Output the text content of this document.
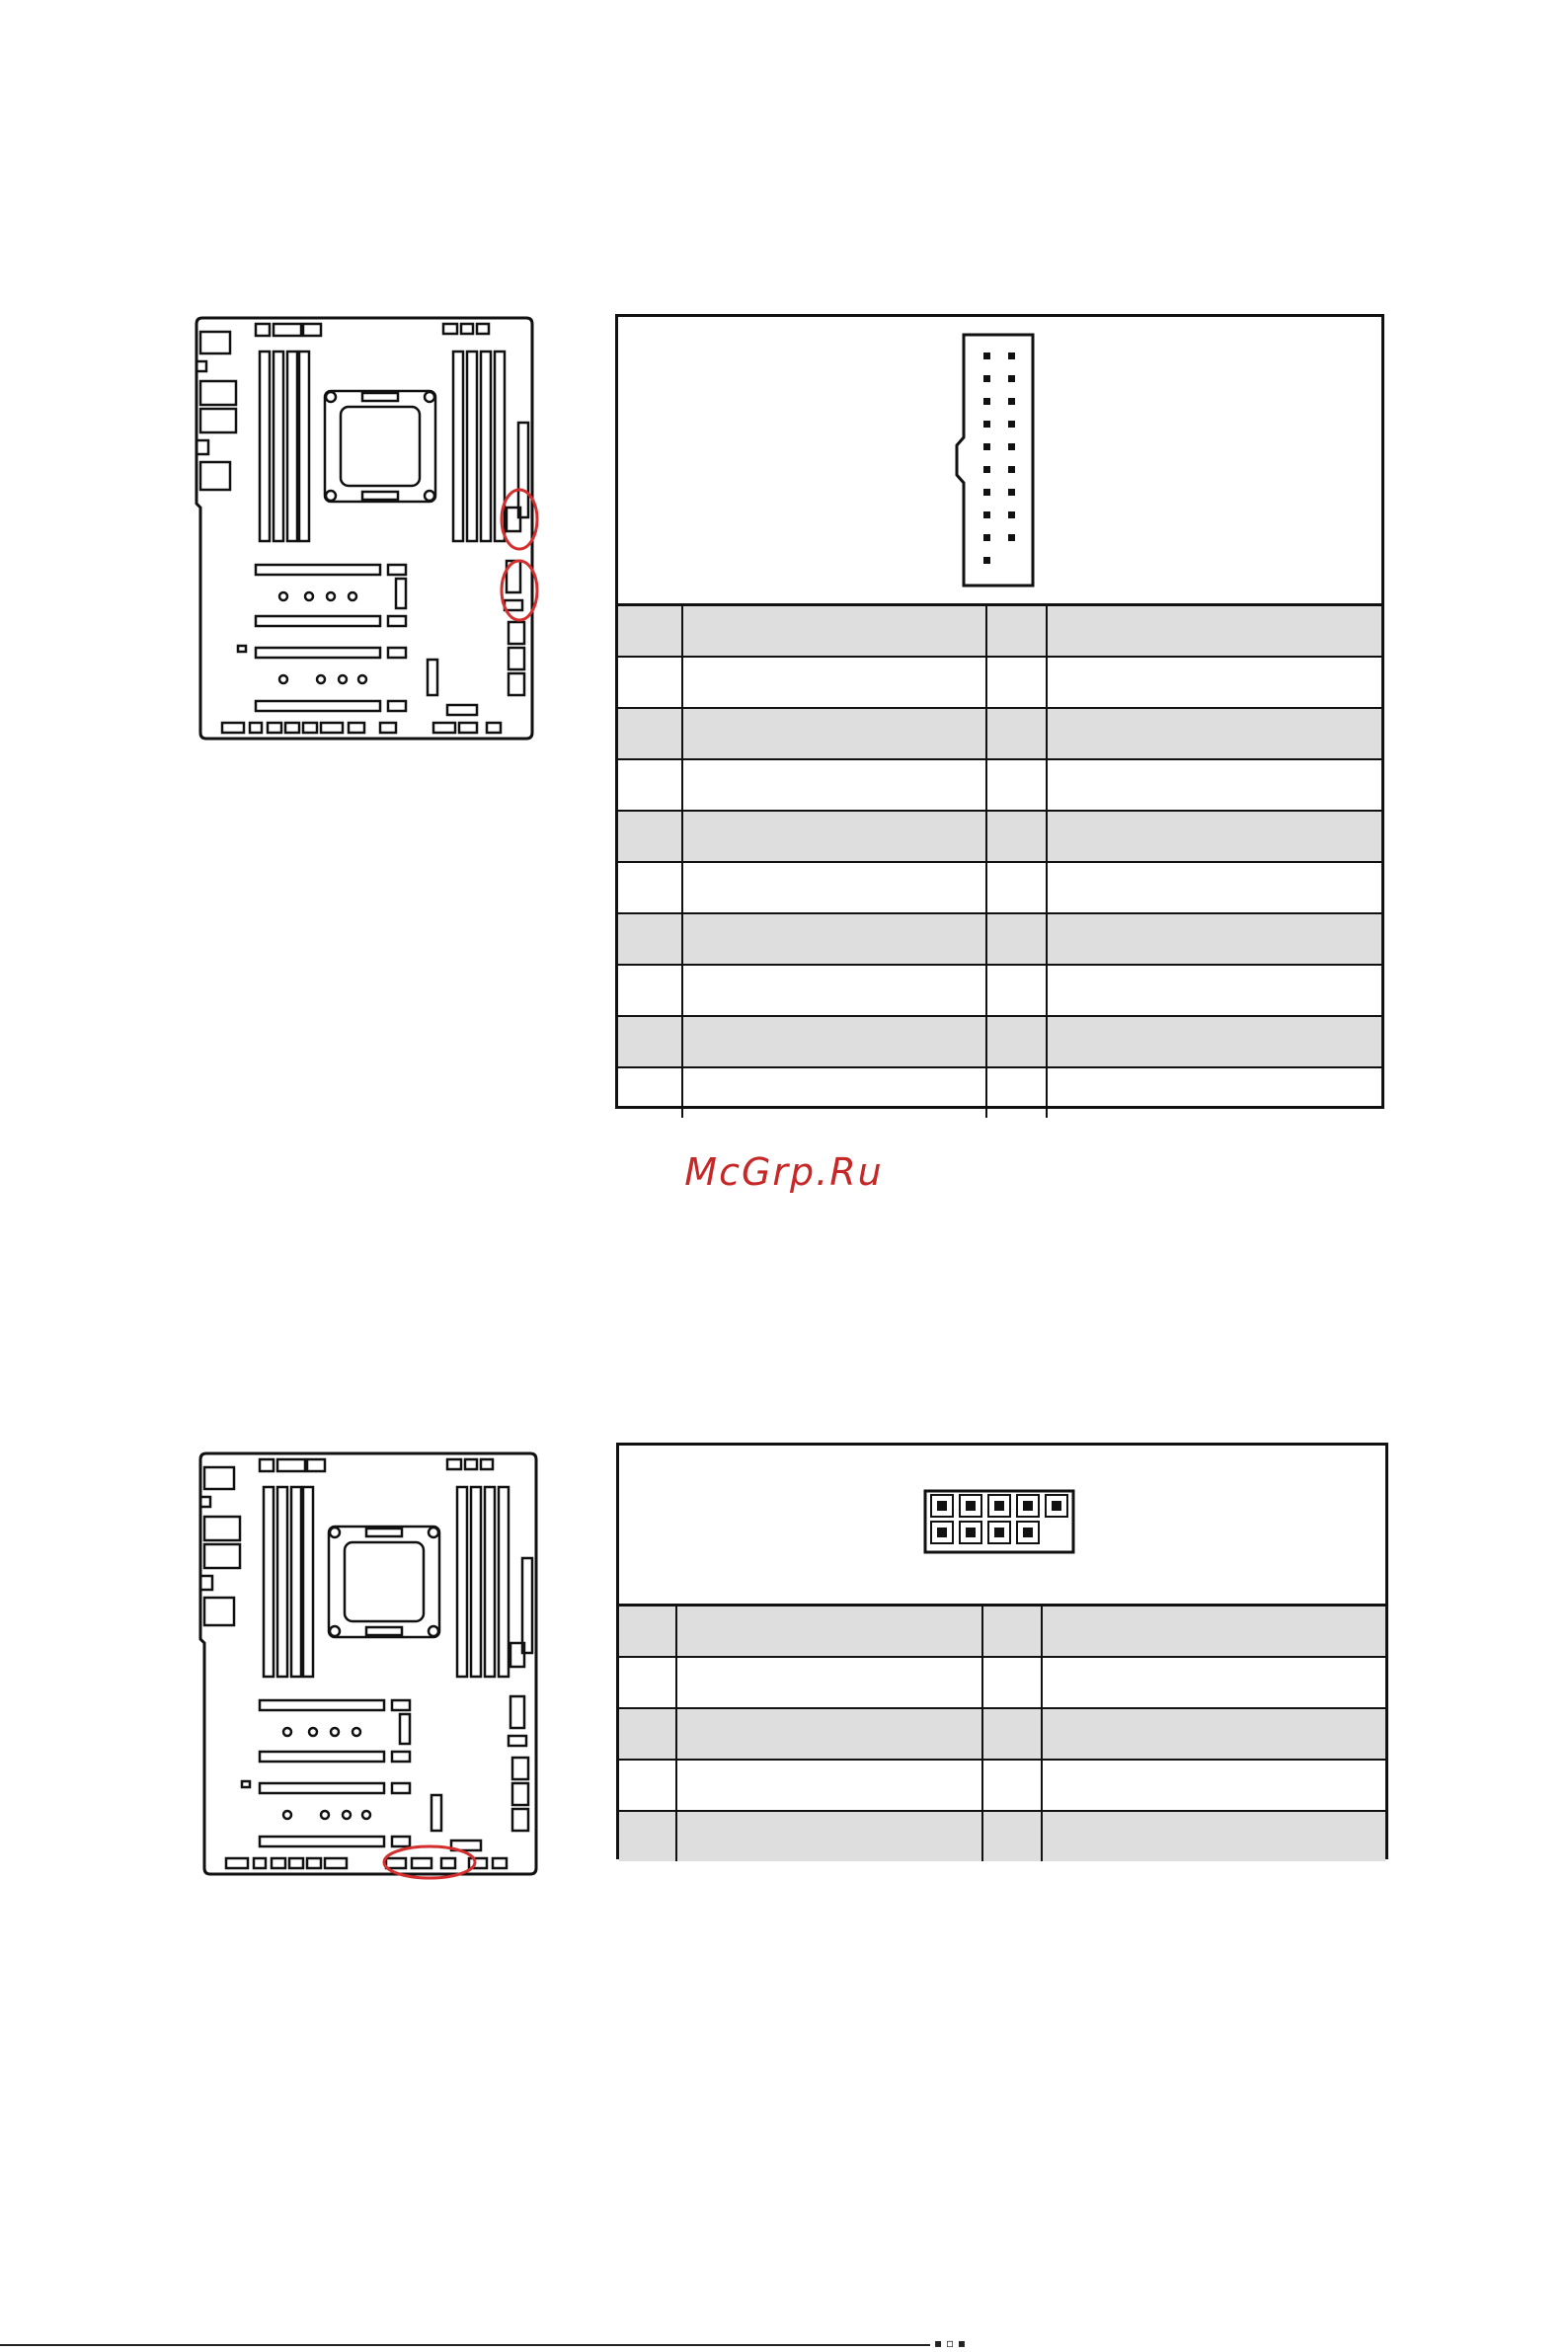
McGrp.Ru

▪ ▫ ▪
